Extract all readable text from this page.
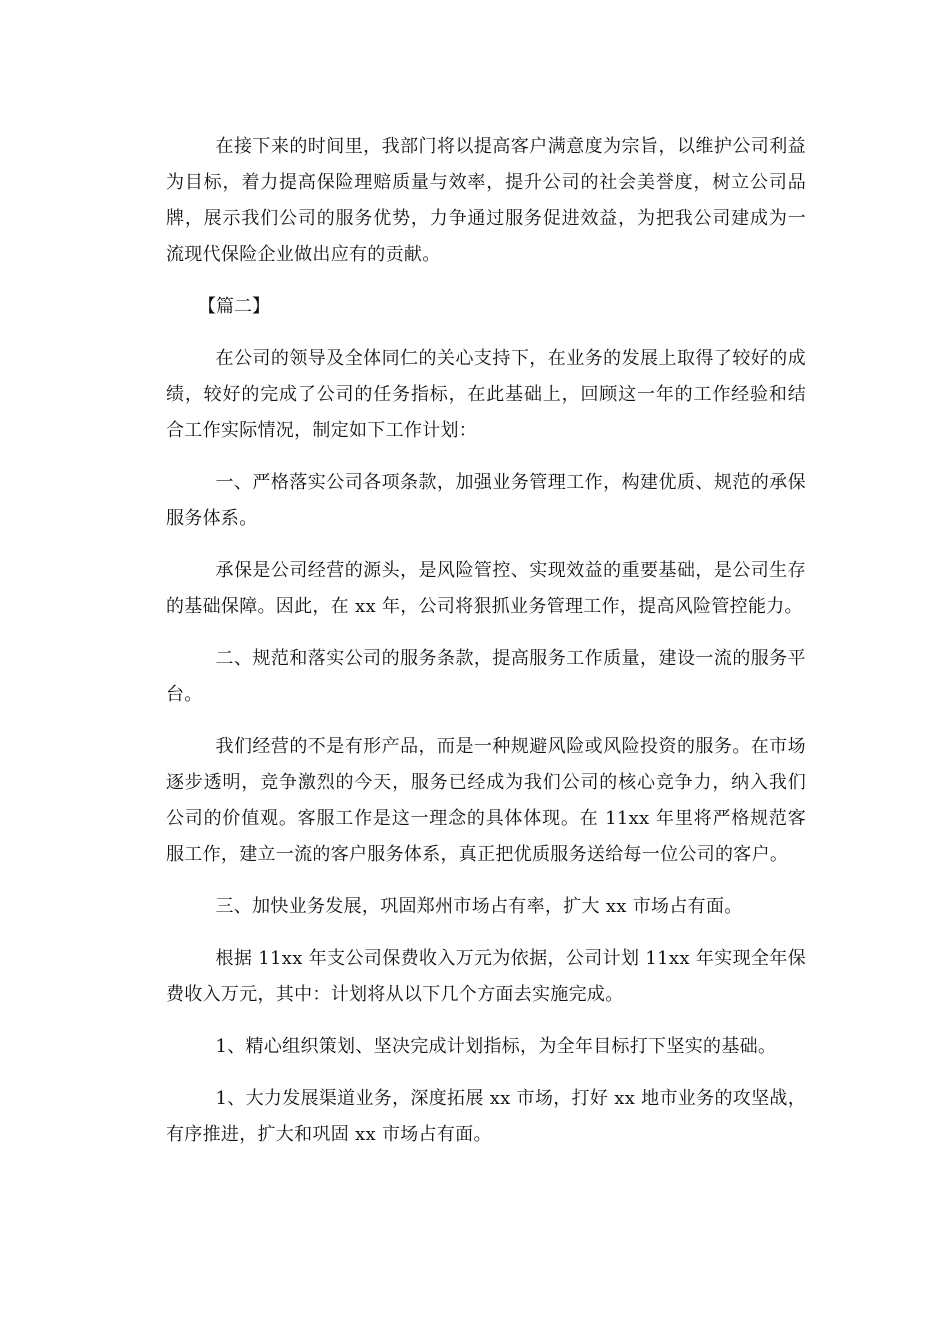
在接下来的时间里，我部门将以提高客户满意度为宗旨，以维护公司利益为目标，着力提高保险理赔质量与效率，提升公司的社会美誉度，树立公司品牌，展示我们公司的服务优势，力争通过服务促进效益，为把我公司建成为一流现代保险企业做出应有的贡献。

【篇二】

在公司的领导及全体同仁的关心支持下，在业务的发展上取得了较好的成绩，较好的完成了公司的任务指标，在此基础上，回顾这一年的工作经验和结合工作实际情况，制定如下工作计划：

一、严格落实公司各项条款，加强业务管理工作，构建优质、规范的承保服务体系。

承保是公司经营的源头，是风险管控、实现效益的重要基础，是公司生存的基础保障。因此，在 xx 年，公司将狠抓业务管理工作，提高风险管控能力。

二、规范和落实公司的服务条款，提高服务工作质量，建设一流的服务平台。

我们经营的不是有形产品，而是一种规避风险或风险投资的服务。在市场逐步透明，竞争激烈的今天，服务已经成为我们公司的核心竞争力，纳入我们公司的价值观。客服工作是这一理念的具体体现。在 11xx 年里将严格规范客服工作，建立一流的客户服务体系，真正把优质服务送给每一位公司的客户。

三、加快业务发展，巩固郑州市场占有率，扩大 xx 市场占有面。

根据 11xx 年支公司保费收入万元为依据，公司计划 11xx 年实现全年保费收入万元，其中：计划将从以下几个方面去实施完成。

1、精心组织策划、坚决完成计划指标，为全年目标打下坚实的基础。

1、大力发展渠道业务，深度拓展 xx 市场，打好 xx 地市业务的攻坚战，有序推进，扩大和巩固 xx 市场占有面。
